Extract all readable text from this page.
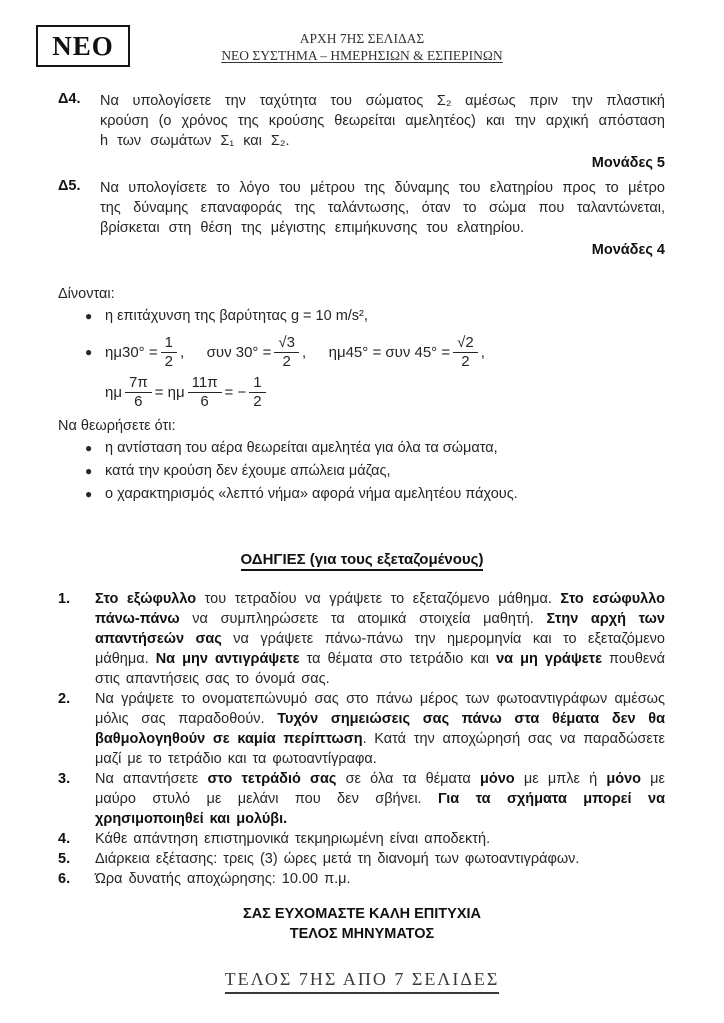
ΝΕΟ	ΑΡΧΗ 7ΗΣ ΣΕΛΙΔΑΣ
ΝΕΟ ΣΥΣΤΗΜΑ – ΗΜΕΡΗΣΙΩΝ & ΕΣΠΕΡΙΝΩΝ
Δ4.	Να υπολογίσετε την ταχύτητα του σώματος Σ₂ αμέσως πριν την πλαστική κρούση (ο χρόνος της κρούσης θεωρείται αμελητέος) και την αρχική απόσταση h των σωμάτων Σ₁ και Σ₂.
Μονάδες 5
Δ5.	Να υπολογίσετε το λόγο του μέτρου της δύναμης του ελατηρίου προς το μέτρο της δύναμης επαναφοράς της ταλάντωσης, όταν το σώμα που ταλαντώνεται, βρίσκεται στη θέση της μέγιστης επιμήκυνσης του ελατηρίου.
Μονάδες 4
Δίνονται:
● η επιτάχυνση της βαρύτητας g = 10 m/s²,
● $\eta\mu 30^\circ = \frac{1}{2}$ ,  συν $30^\circ = \frac{√3}{2}$ ,  ημ45° = συν $45^\circ = \frac{√2}{2}$ ,
ημ $\frac{7\pi}{6} = \eta\mu \frac{11\pi}{6}$ = − $\frac{1}{2}$
Να θεωρήσετε ότι:
● η αντίσταση του αέρα θεωρείται αμελητέα για όλα τα σώματα,
● κατά την κρούση δεν έχουμε απώλεια μάζας,
● ο χαρακτηρισμός «λεπτό νήμα» αφορά νήμα αμελητέου πάχους.
ΟΔΗΓΙΕΣ (για τους εξεταζομένους)
1.	Στο εξώφυλλο του τετραδίου να γράψετε το εξεταζόμενο μάθημα. Στο εσώφυλλο πάνω-πάνω να συμπληρώσετε τα ατομικά στοιχεία μαθητή. Στην αρχή των απαντήσεών σας να γράψετε πάνω-πάνω την ημερομηνία και το εξεταζόμενο μάθημα. Να μην αντιγράψετε τα θέματα στο τετράδιο και να μη γράψετε πουθενά στις απαντήσεις σας το όνομά σας.
2.	Να γράψετε το ονοματεπώνυμό σας στο πάνω μέρος των φωτοαντιγράφων αμέσως μόλις σας παραδοθούν. Τυχόν σημειώσεις σας πάνω στα θέματα δεν θα βαθμολογηθούν σε καμία περίπτωση. Κατά την αποχώρησή σας να παραδώσετε μαζί με το τετράδιο και τα φωτοαντίγραφα.
3.	Να απαντήσετε στο τετράδιό σας σε όλα τα θέματα μόνο με μπλε ή μόνο με μαύρο στυλό με μελάνι που δεν σβήνει. Για τα σχήματα μπορεί να χρησιμοποιηθεί και μολύβι.
4.	Κάθε απάντηση επιστημονικά τεκμηριωμένη είναι αποδεκτή.
5.	Διάρκεια εξέτασης: τρεις (3) ώρες μετά τη διανομή των φωτοαντιγράφων.
6.	Ώρα δυνατής αποχώρησης: 10.00 π.μ.
ΣΑΣ ΕΥΧΟΜΑΣΤΕ ΚΑΛΗ ΕΠΙΤΥΧΙΑ
ΤΕΛΟΣ ΜΗΝΥΜΑΤΟΣ
ΤΕΛΟΣ 7ΗΣ ΑΠΟ 7 ΣΕΛΙΔΕΣ
